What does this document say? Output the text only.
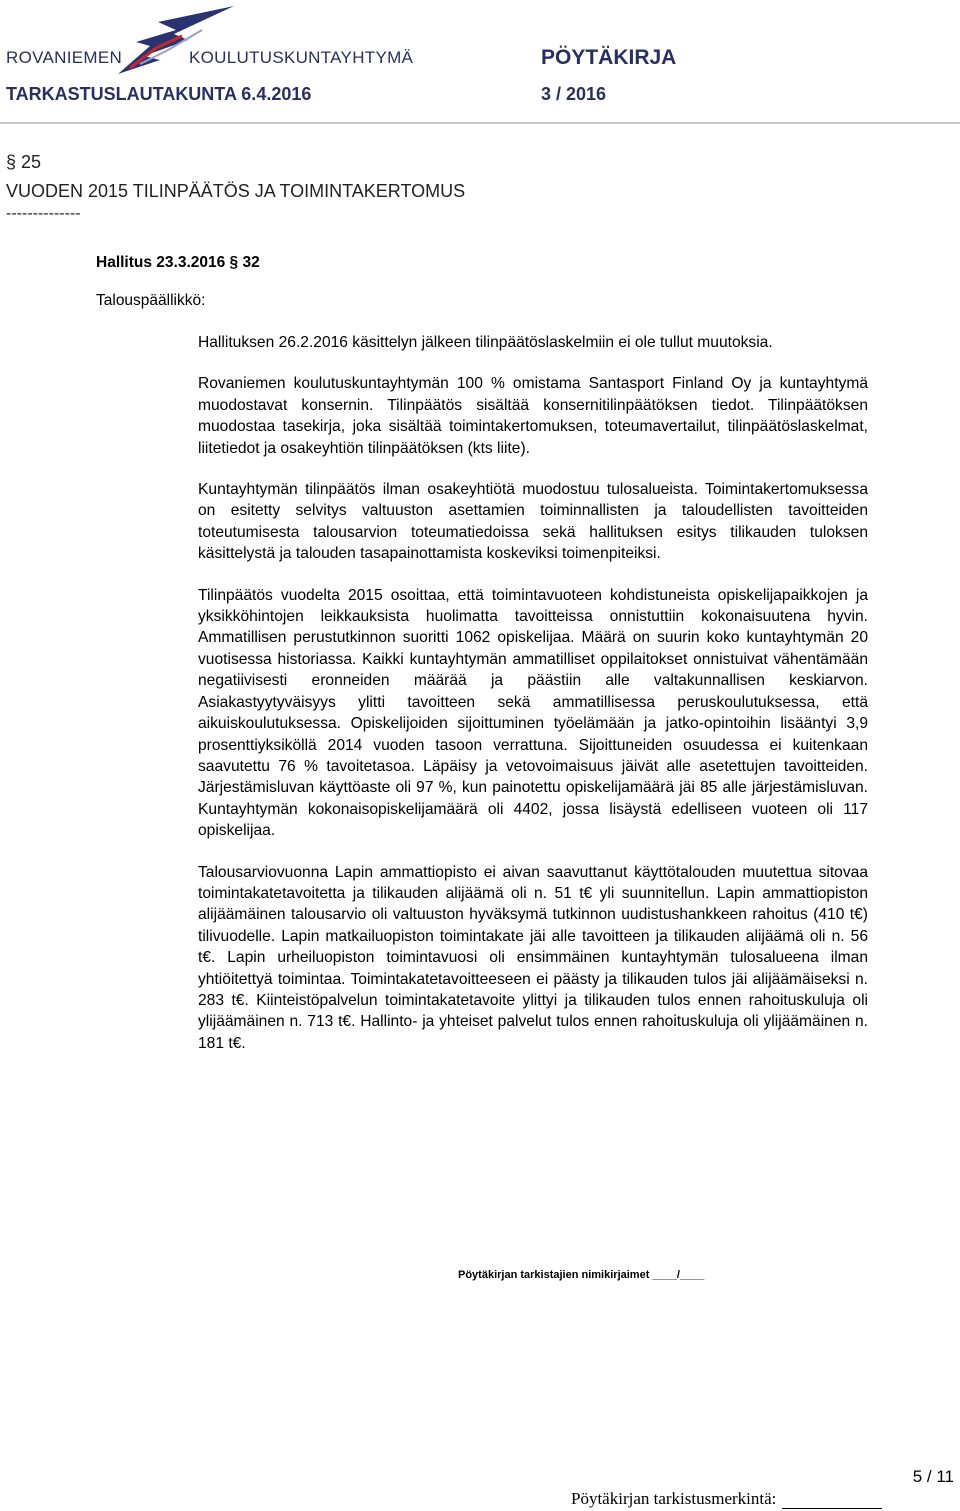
ROVANIEMEN	KOULUTUSKUNTAYHTYMÄ	PÖYTÄKIRJA
TARKASTUSLAUTAKUNTA 6.4.2016	3 / 2016
§ 25
VUODEN 2015 TILINPÄÄTÖS JA TOIMINTAKERTOMUS
--------------
Hallitus 23.3.2016 § 32
Talouspäällikkö:

Hallituksen 26.2.2016 käsittelyn jälkeen tilinpäätöslaskelmiin ei ole tullut muutoksia.

Rovaniemen koulutuskuntayhtymän 100 % omistama Santasport Finland Oy ja kuntayhtymä muodostavat konsernin. Tilinpäätös sisältää konsernitilinpäätöksen tiedot. Tilinpäätöksen muodostaa tasekirja, joka sisältää toimintakertomuksen, toteumavertailut, tilinpäätöslaskelmat, liitetiedot ja osakeyhtiön tilinpäätöksen (kts liite).

Kuntayhtymän tilinpäätös ilman osakeyhtiötä muodostuu tulosalueista. Toimintakertomuksessa on esitetty selvitys valtuuston asettamien toiminnallisten ja taloudellisten tavoitteiden toteutumisesta talousarvion toteumatiedoissa sekä hallituksen esitys tilikauden tuloksen käsittelystä ja talouden tasapainottamista koskeviksi toimenpiteiksi.

Tilinpäätös vuodelta 2015 osoittaa, että toimintavuoteen kohdistuneista opiskelijapaikkojen ja yksikköhintojen leikkauksista huolimatta tavoitteissa onnistuttiin kokonaisuutena hyvin. Ammatillisen perustutkinnon suoritti 1062 opiskelijaa. Määrä on suurin koko kuntayhtymän 20 vuotisessa historiassa. Kaikki kuntayhtymän ammatilliset oppilaitokset onnistuivat vähentämään negatiivisesti eronneiden määrää ja päästiin alle valtakunnallisen keskiarvon. Asiakastyytyväisyys ylitti tavoitteen sekä ammatillisessa peruskoulutuksessa, että aikuiskoulutuksessa. Opiskelijoiden sijoittuminen työelämään ja jatko-opintoihin lisääntyi 3,9 prosenttiyksiköllä 2014 vuoden tasoon verrattuna. Sijoittuneiden osuudessa ei kuitenkaan saavutettu 76 % tavoitetasoa. Läpäisy ja vetovoimaisuus jäivät alle asetettujen tavoitteiden. Järjestämisluvan käyttöaste oli 97 %, kun painotettu opiskelijamäärä jäi 85 alle järjestämisluvan. Kuntayhtymän kokonaisopiskelijamäärä oli 4402, jossa lisäystä edelliseen vuoteen oli 117 opiskelijaa.

Talousarviovuonna Lapin ammattiopisto ei aivan saavuttanut käyttötalouden muutettua sitovaa toimintakatetavoitetta ja tilikauden alijäämä oli n. 51 t€ yli suunnitellun. Lapin ammattiopiston alijäämäinen talousarvio oli valtuuston hyväksymä tutkinnon uudistushankkeen rahoitus (410 t€) tilivuodelle. Lapin matkailuopiston toimintakate jäi alle tavoitteen ja tilikauden alijäämä oli n. 56 t€. Lapin urheiluopiston toimintavuosi oli ensimmäinen kuntayhtymän tulosalueena ilman yhtiöitettyä toimintaa. Toimintakatetavoitteeseen ei päästy ja tilikauden tulos jäi alijäämäiseksi n. 283 t€. Kiinteistöpalvelun toimintakatetavoite ylittyi ja tilikauden tulos ennen rahoituskuluja oli ylijäämäinen n. 713 t€. Hallinto- ja yhteiset palvelut tulos ennen rahoituskuluja oli ylijäämäinen n. 181 t€.

Pöytäkirjan tarkistajien nimikirjaimet ____/____
5 / 11
Pöytäkirjan tarkistusmerkintä:
